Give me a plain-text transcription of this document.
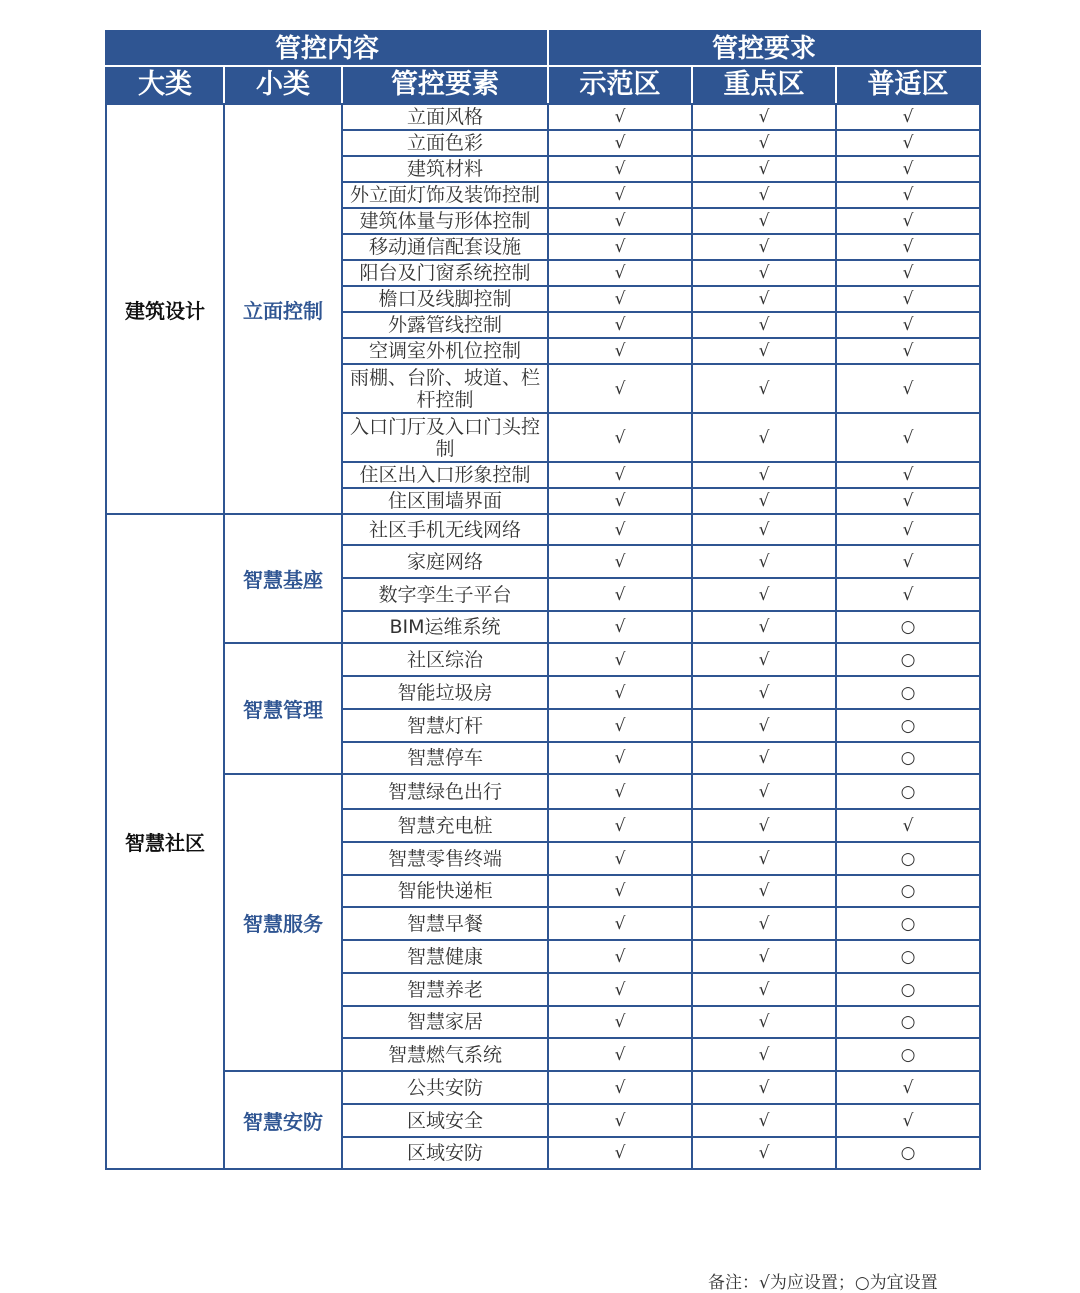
管控内容			管控要求		
大类	小类	管控要素	示范区	重点区	普适区
建筑设计	立面控制	立面风格	√	√	√
		立面色彩	√	√	√
		建筑材料	√	√	√
		外立面灯饰及装饰控制	√	√	√
		建筑体量与形体控制	√	√	√
		移动通信配套设施	√	√	√
		阳台及门窗系统控制	√	√	√
		檐口及线脚控制	√	√	√
		外露管线控制	√	√	√
		空调室外机位控制	√	√	√
		雨棚、台阶、坡道、栏杆控制	√	√	√
		入口门厅及入口门头控制	√	√	√
		住区出入口形象控制	√	√	√
		住区围墙界面	√	√	√
智慧社区	智慧基座	社区手机无线网络	√	√	√
		家庭网络	√	√	√
		数字孪生子平台	√	√	√
		BIM运维系统	√	√	○
	智慧管理	社区综治	√	√	○
		智能垃圾房	√	√	○
		智慧灯杆	√	√	○
		智慧停车	√	√	○
	智慧服务	智慧绿色出行	√	√	○
		智慧充电桩	√	√	√
		智慧零售终端	√	√	○
		智能快递柜	√	√	○
		智慧早餐	√	√	○
		智慧健康	√	√	○
		智慧养老	√	√	○
		智慧家居	√	√	○
		智慧燃气系统	√	√	○
	智慧安防	公共安防	√	√	√
		区域安全	√	√	√
		区域安防	√	√	○
备注：√为应设置；○为宜设置
